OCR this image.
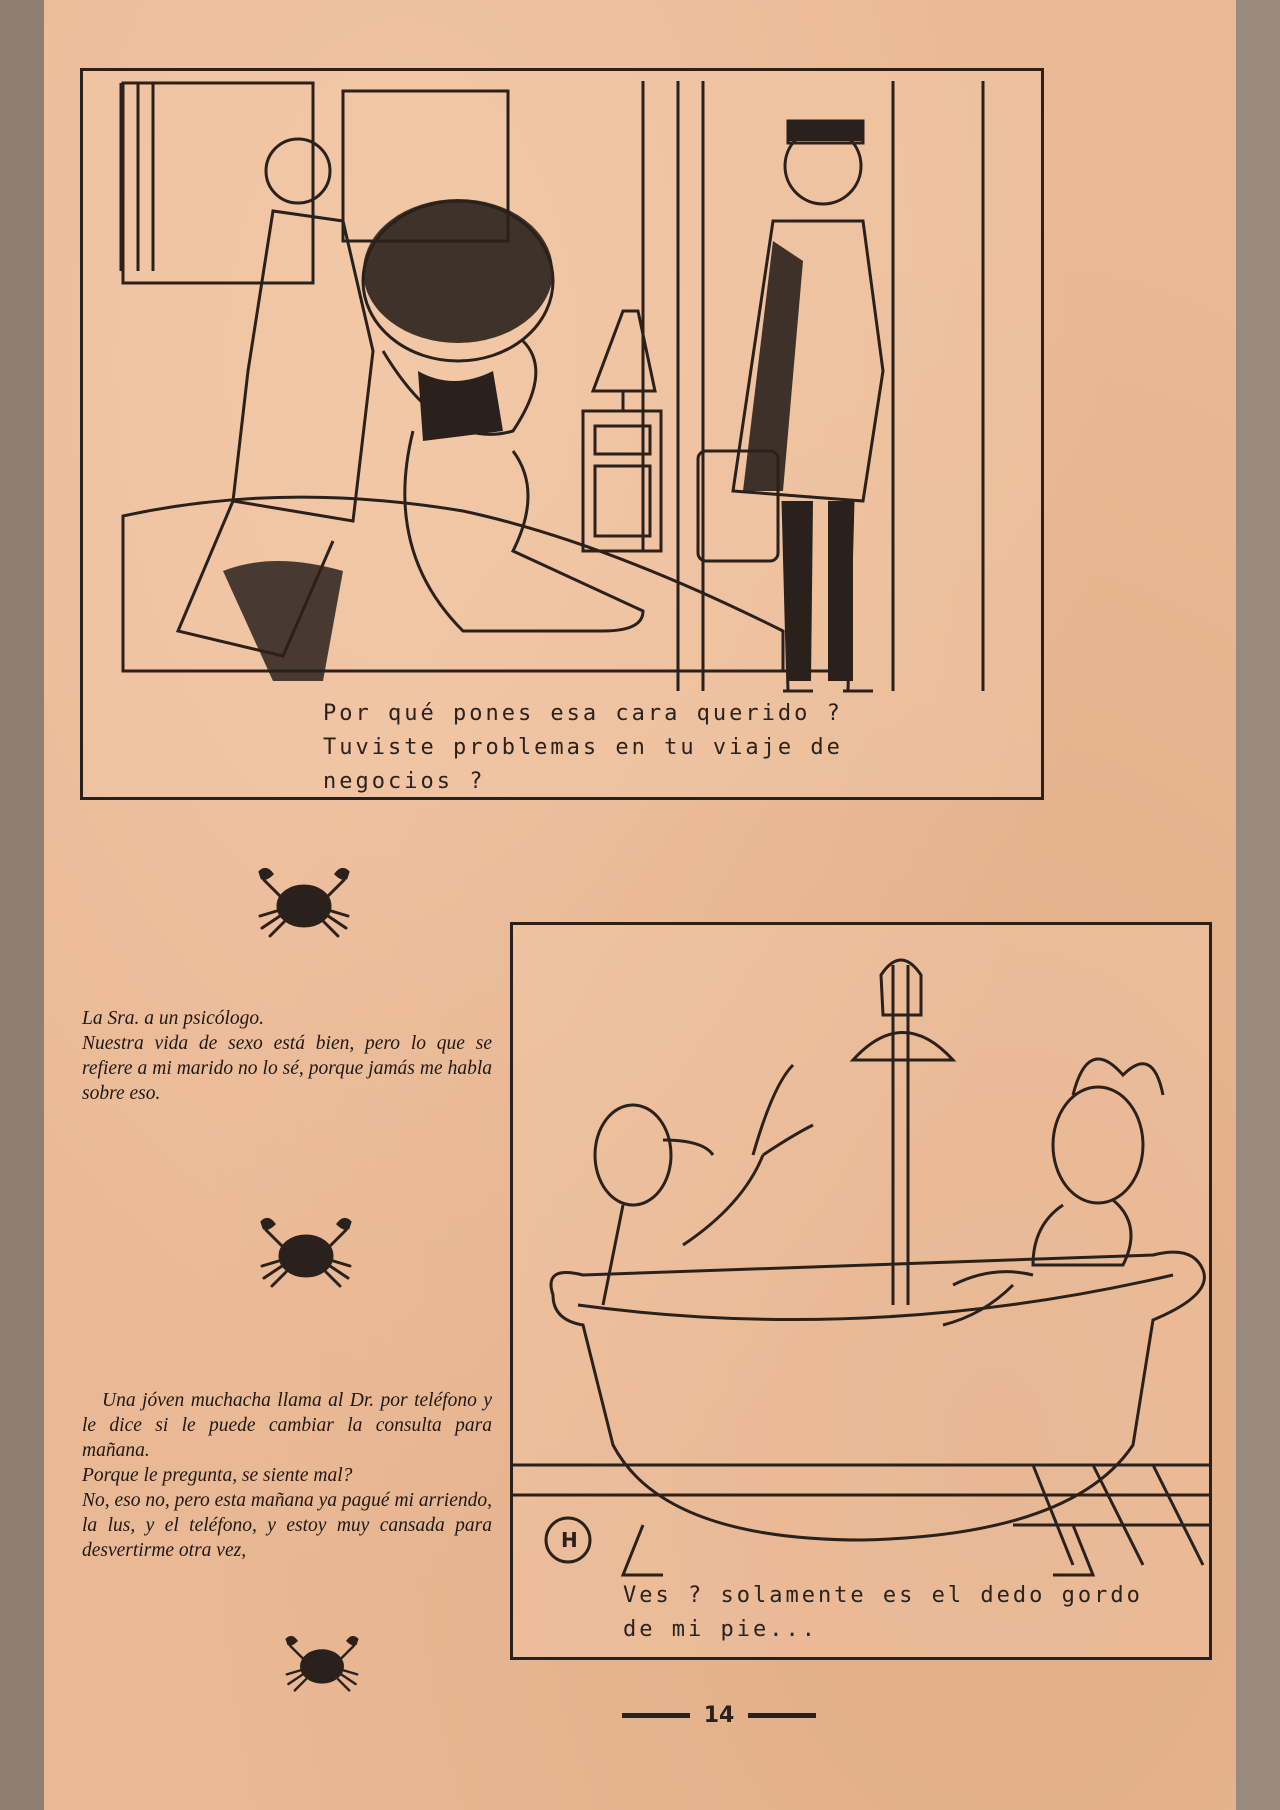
Por qué pones esa cara querido ?
Tuviste problemas en tu viaje de
negocios ?

La Sra. a un psicólogo.

Nuestra vida de sexo está bien, pero lo que se refiere a mi marido no lo sé, porque jamás me habla sobre eso.

Una jóven muchacha llama al Dr. por teléfono y le dice si le puede cambiar la consulta para mañana.

Porque le pregunta, se siente mal?

No, eso no, pero esta mañana ya pagué mi arriendo, la lus, y el teléfono, y estoy muy cansada para desvertirme otra vez,	H
Ves ? solamente es el dedo gordo
de mi pie...
14
